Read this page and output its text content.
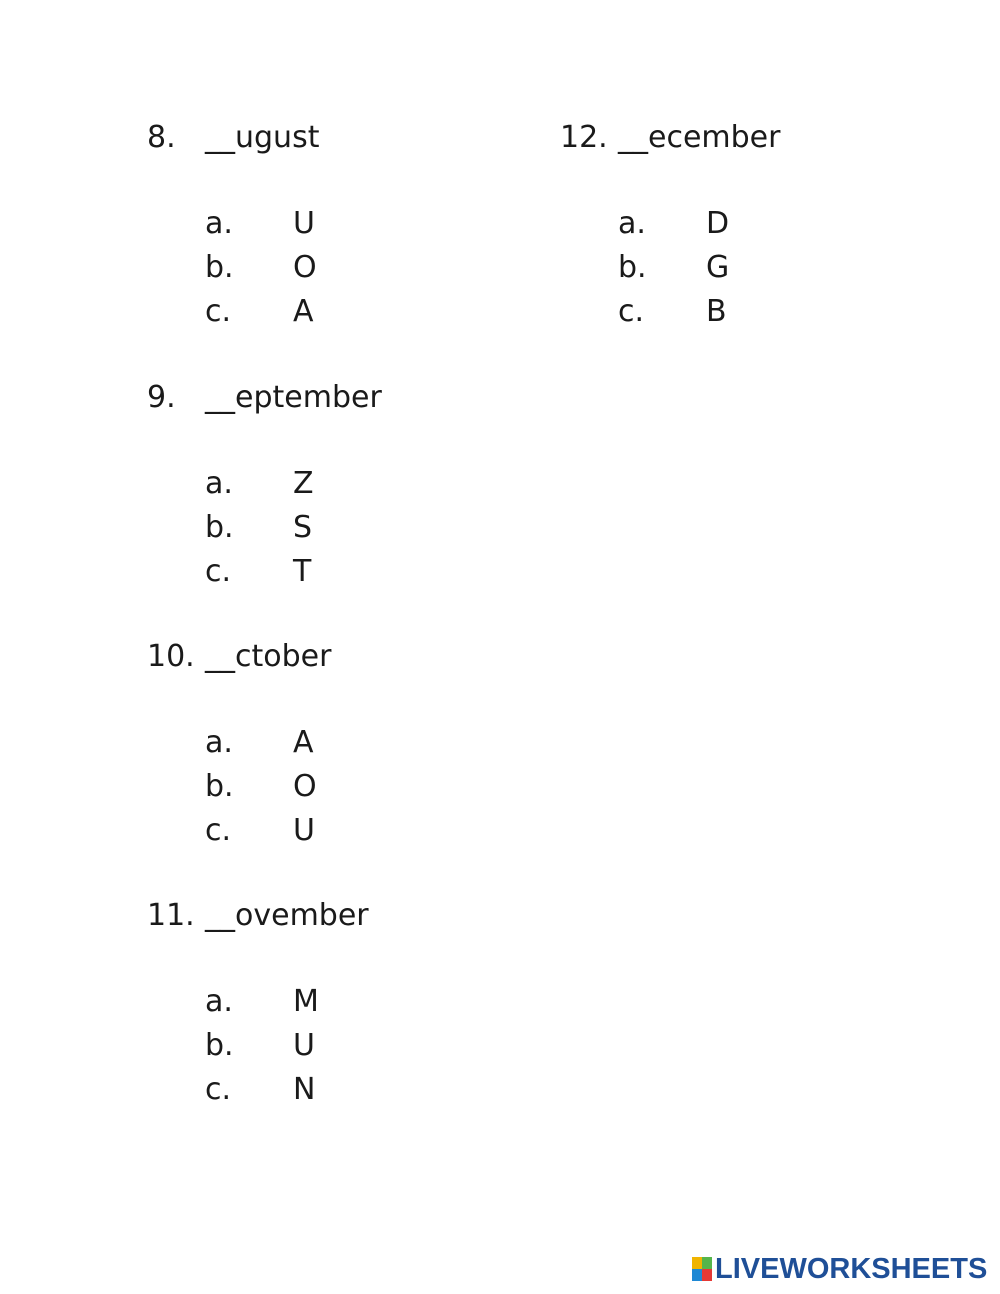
8. __ugust
a. U
b. O
c. A
9. __eptember
a. Z
b. S
c. T
10. __ctober
a. A
b. O
c. U
11. __ovember
a. M
b. U
c. N
12. __ecember
a. D
b. G
c. B
LIVEWORKSHEETS
